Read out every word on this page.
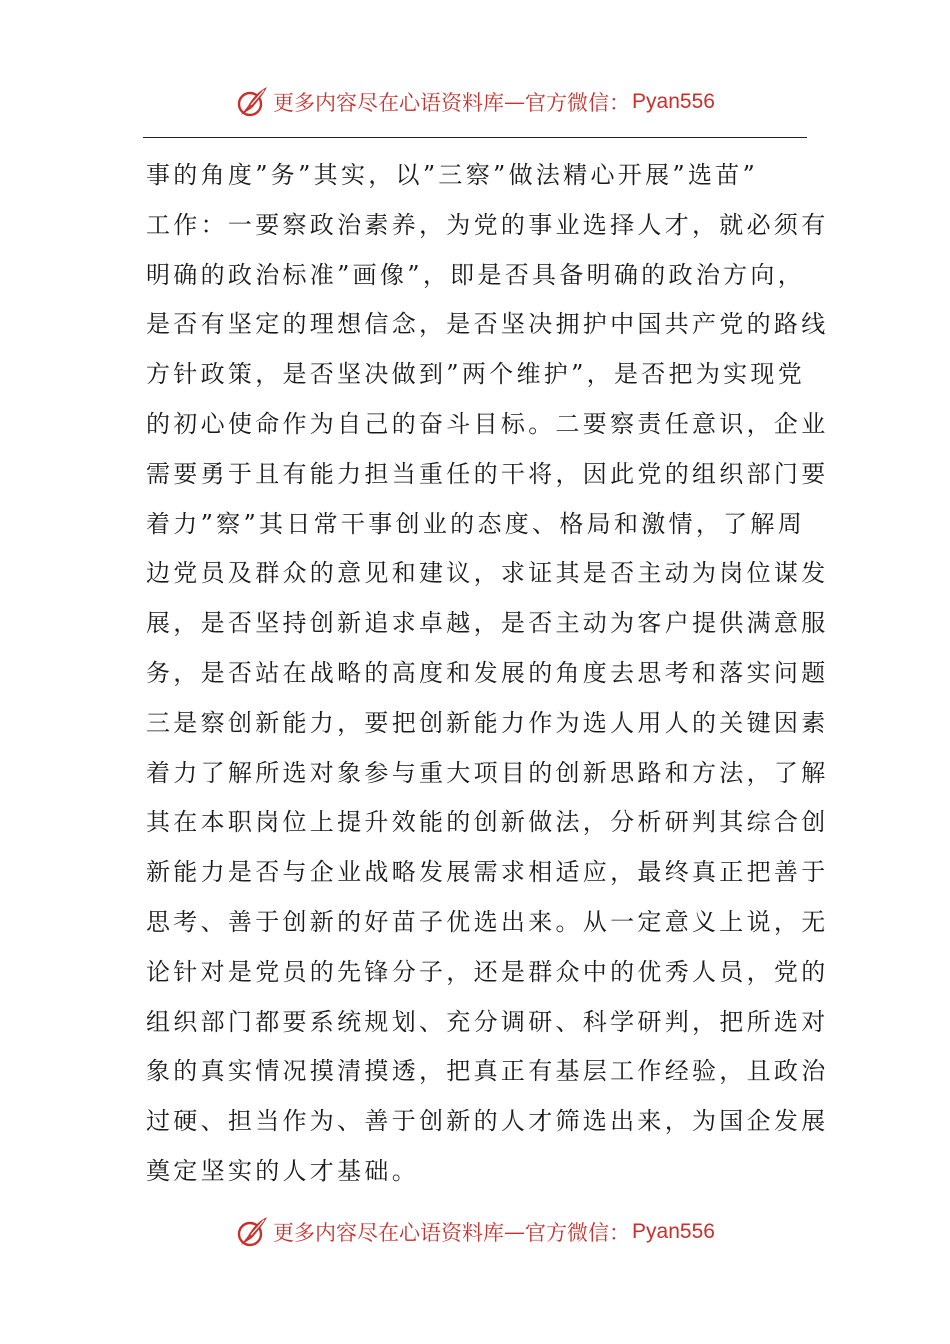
更多内容尽在心语资料库 — 官方微信： Pyan556
事的角度”务”其实，以”三察”做法精心开展”选苗”
工作：一要察政治素养，为党的事业选择人才，就必须有
明确的政治标准”画像”，即是否具备明确的政治方向，
是否有坚定的理想信念，是否坚决拥护中国共产党的路线
方针政策，是否坚决做到”两个维护”，是否把为实现党
的初心使命作为自己的奋斗目标。二要察责任意识，企业
需要勇于且有能力担当重任的干将，因此党的组织部门要
着力”察”其日常干事创业的态度、格局和激情，了解周
边党员及群众的意见和建议，求证其是否主动为岗位谋发
展，是否坚持创新追求卓越，是否主动为客户提供满意服
务，是否站在战略的高度和发展的角度去思考和落实问题
三是察创新能力，要把创新能力作为选人用人的关键因素
着力了解所选对象参与重大项目的创新思路和方法，了解
其在本职岗位上提升效能的创新做法，分析研判其综合创
新能力是否与企业战略发展需求相适应，最终真正把善于
思考、善于创新的好苗子优选出来。从一定意义上说，无
论针对是党员的先锋分子，还是群众中的优秀人员，党的
组织部门都要系统规划、充分调研、科学研判，把所选对
象的真实情况摸清摸透，把真正有基层工作经验，且政治
过硬、担当作为、善于创新的人才筛选出来，为国企发展
奠定坚实的人才基础。
更多内容尽在心语资料库 — 官方微信： Pyan556
